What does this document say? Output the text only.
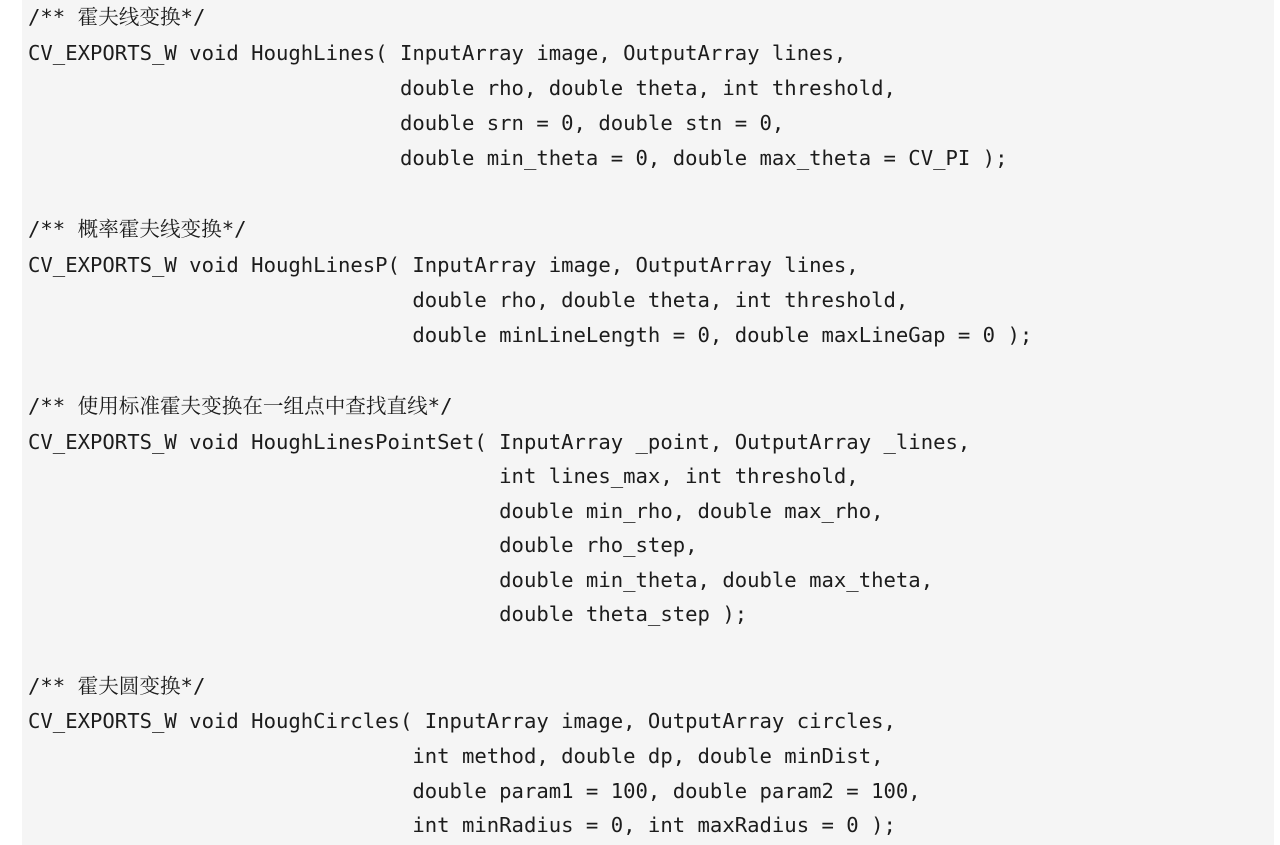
/** 霍夫线变换*/
CV_EXPORTS_W void HoughLines( InputArray image, OutputArray lines,
double rho, double theta, int threshold,
double srn = 0, double stn = 0,
double min_theta = 0, double max_theta = CV_PI );
/** 概率霍夫线变换*/
CV_EXPORTS_W void HoughLinesP( InputArray image, OutputArray lines,
double rho, double theta, int threshold,
double minLineLength = 0, double maxLineGap = 0 );
/** 使用标准霍夫变换在一组点中查找直线*/
CV_EXPORTS_W void HoughLinesPointSet( InputArray _point, OutputArray _lines,
int lines_max, int threshold,
double min_rho, double max_rho,
double rho_step,
double min_theta, double max_theta,
double theta_step );
/** 霍夫圆变换*/
CV_EXPORTS_W void HoughCircles( InputArray image, OutputArray circles,
int method, double dp, double minDist,
double param1 = 100, double param2 = 100,
int minRadius = 0, int maxRadius = 0 );
